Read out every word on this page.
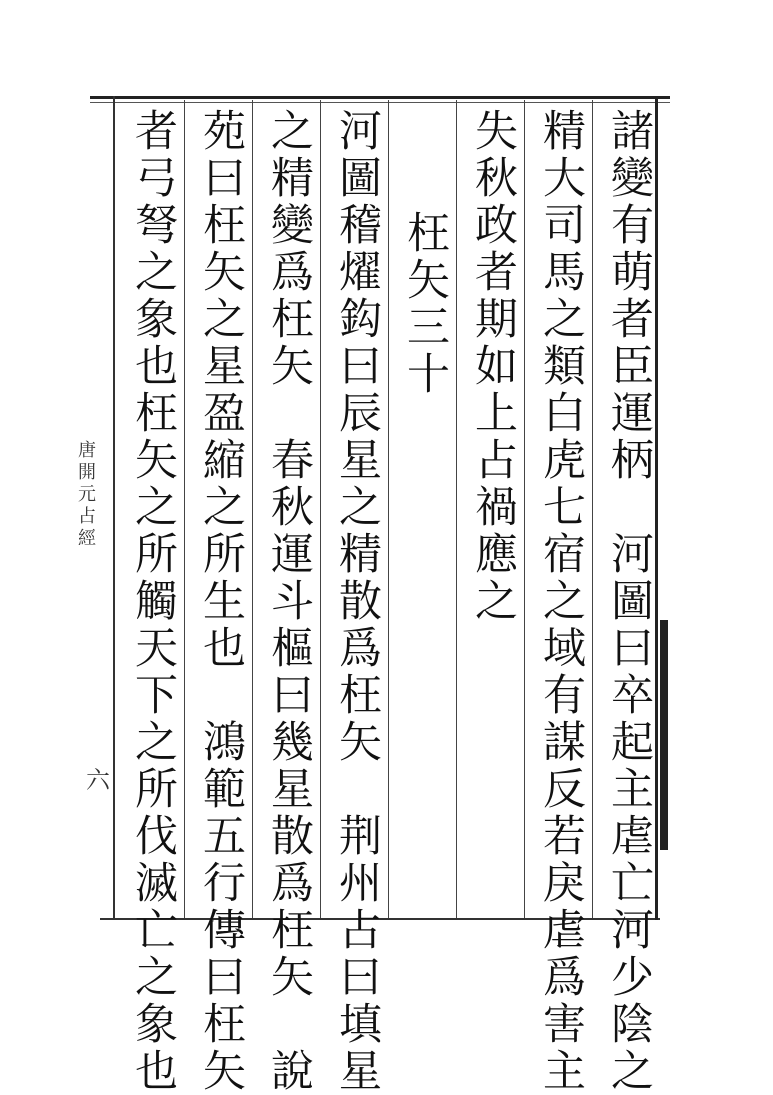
唐開元占經
六	諸變有萌者臣運柄　河圖曰卒起主虐亡河少陰之
精大司馬之類白虎七宿之域有謀反若戾虐爲害主
失秋政者期如上占禍應之
枉矢三十
河圖稽燿鈎曰辰星之精散爲枉矢　荆州占曰填星
之精變爲枉矢　春秋運斗樞曰幾星散爲枉矢　說
苑曰枉矢之星盈縮之所生也　鴻範五行傳曰枉矢
者弓弩之象也枉矢之所觸天下之所伐滅亡之象也
